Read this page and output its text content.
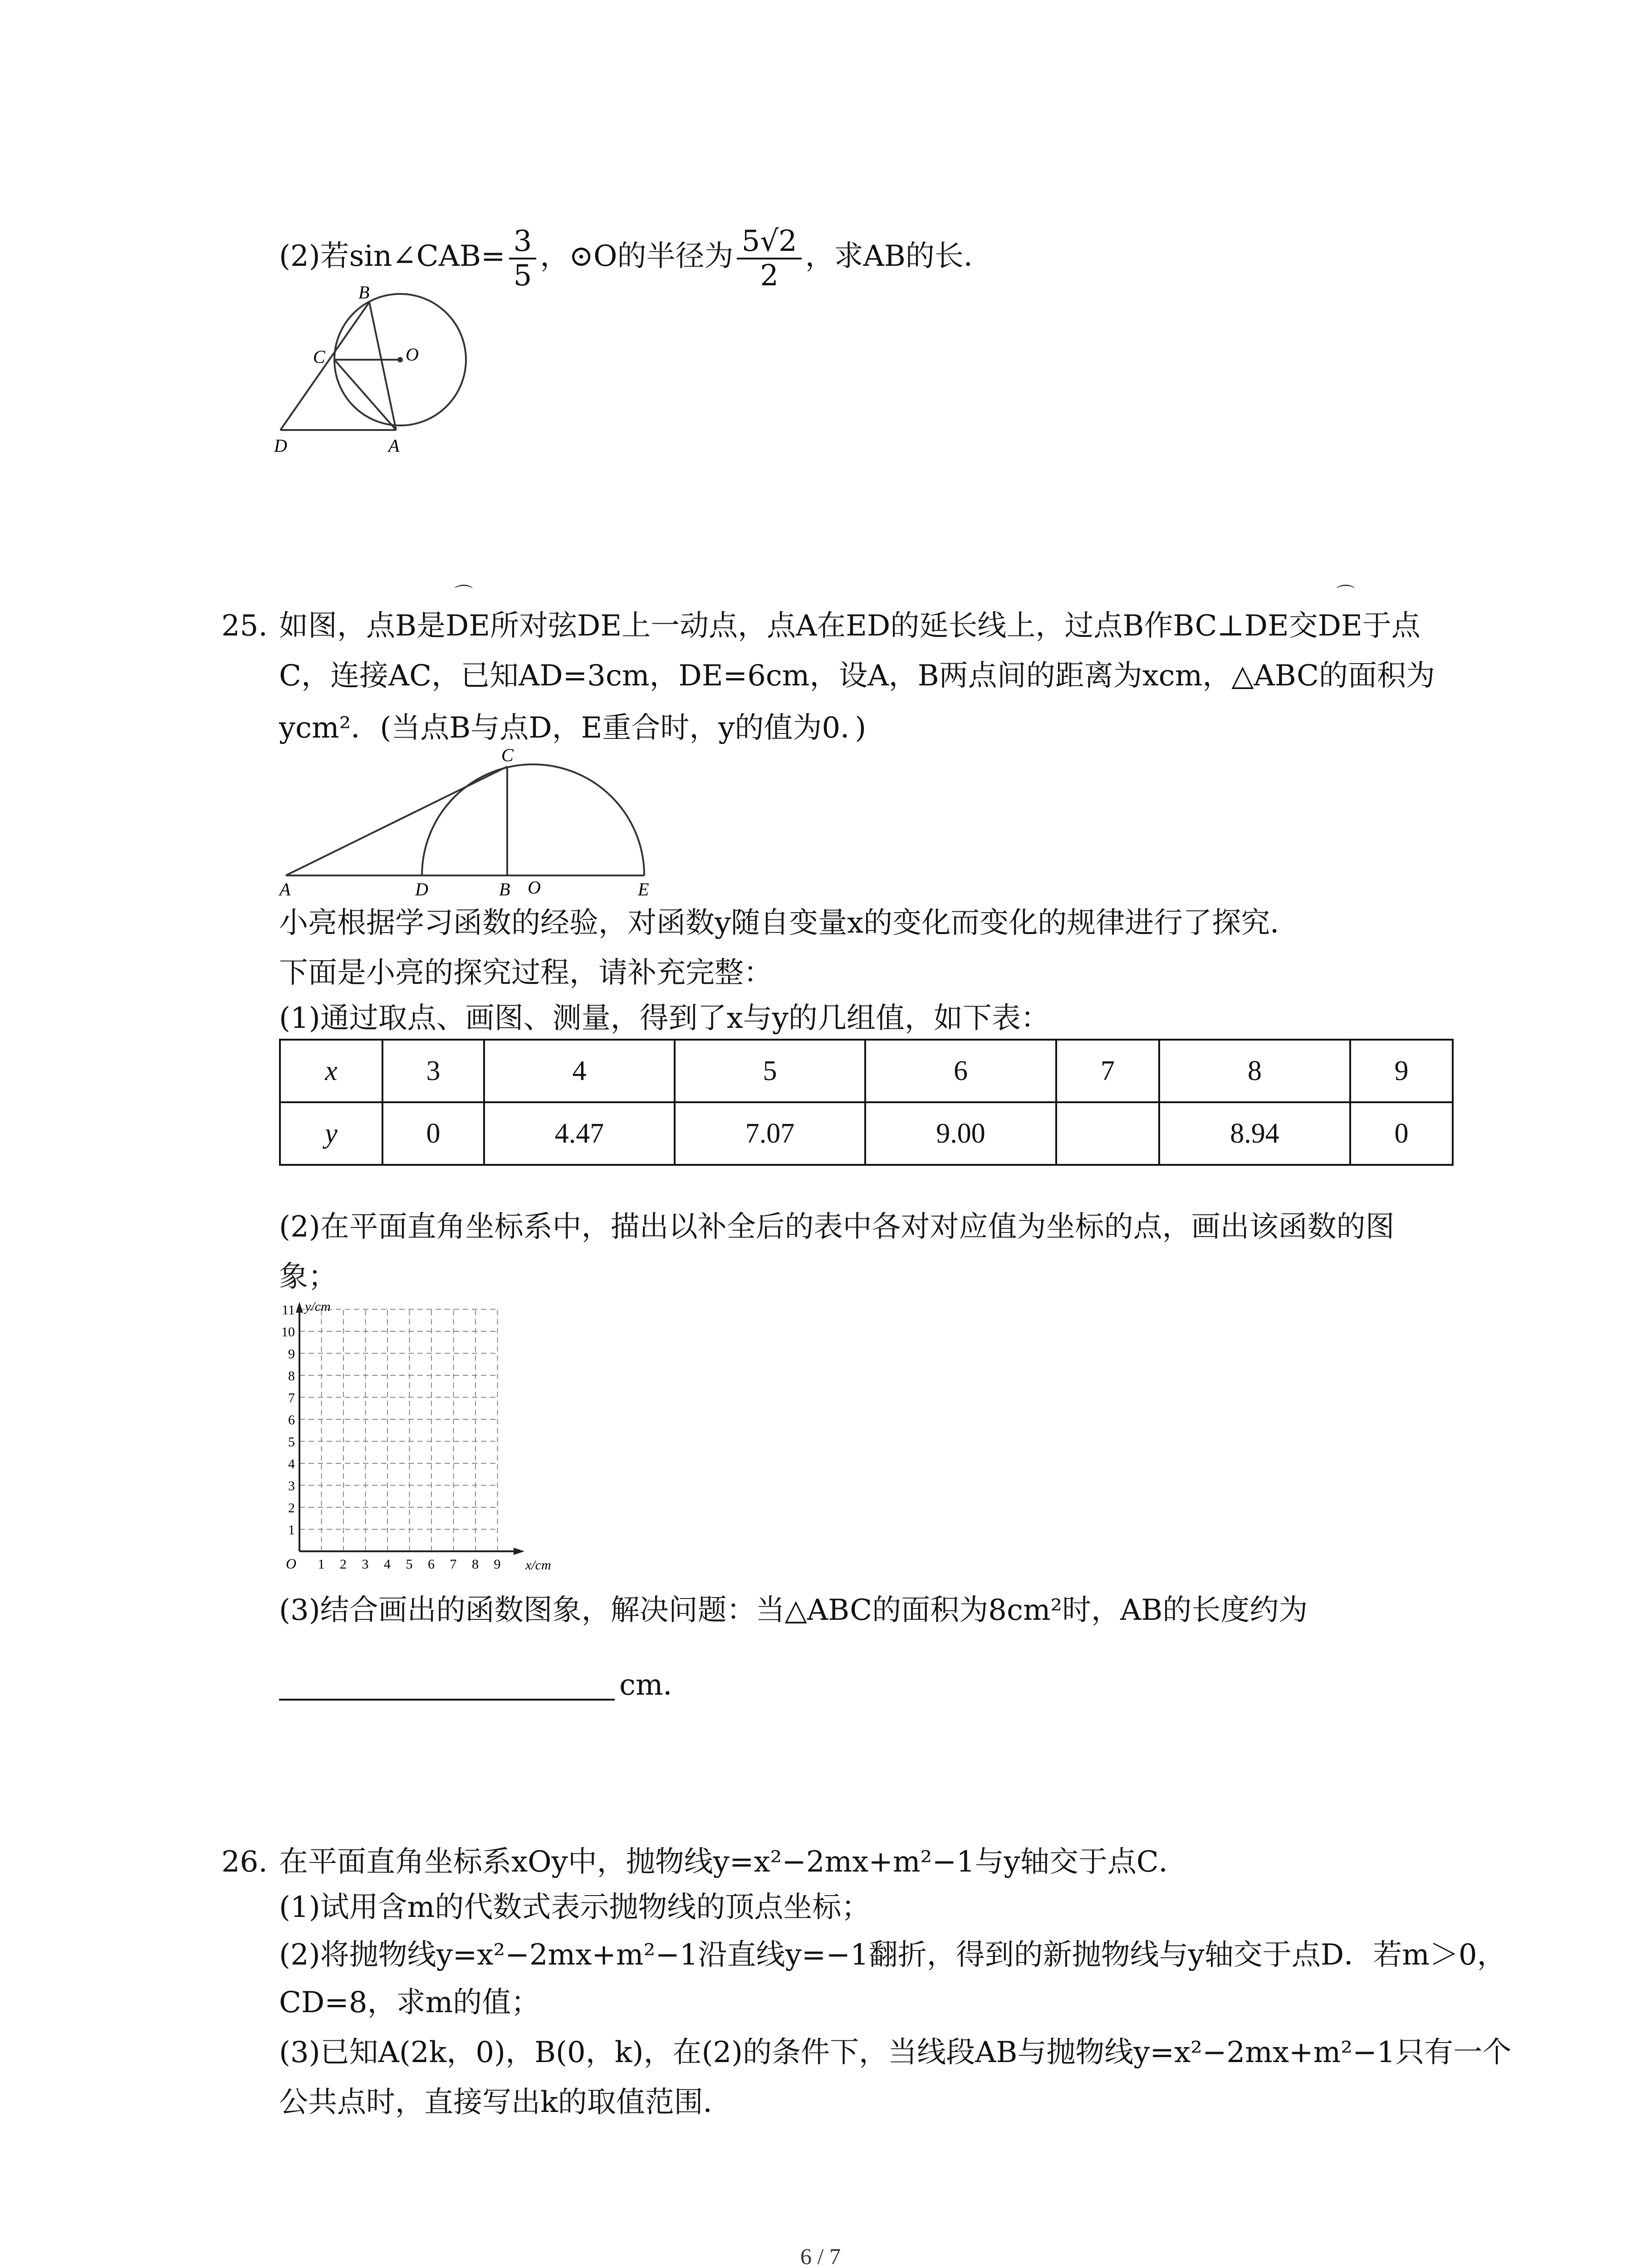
(2)若sin∠CAB= $\frac{3}{5}$ ，⊙O的半径为 $\frac{5√2}{2}$ ，求AB的长．
B
C	O
D	A
25.
⌒	⌒
如图，点B是DE所对弦DE上一动点，点A在ED的延长线上，过点B作BC⊥DE交DE于点
C，连接AC，已知AD=3cm，DE=6cm，设A，B两点间的距离为xcm，△ABC的面积为
ycm²．(当点B与点D，E重合时，y的值为0．)
C
A	D	B O	E
小亮根据学习函数的经验，对函数y随自变量x的变化而变化的规律进行了探究．
下面是小亮的探究过程，请补充完整：
(1)通过取点、画图、测量，得到了x与y的几组值，如下表：
x	3	4	5	6	7	8	9
y	0	4.47	7.07	9.00		8.94	0
(2)在平面直角坐标系中，描出以补全后的表中各对对应值为坐标的点，画出该函数的图
象；
y/cm
x/cm
O 1 2 3 4 5 6 7 8 9
1
2
3
4
5
6
7
8
9
10
11
(3)结合画出的函数图象，解决问题：当△ABC的面积为8cm²时，AB的长度约为
cm．
26. 在平面直角坐标系xOy中，抛物线y=x²−2mx+m²−1与y轴交于点C．
(1)试用含m的代数式表示抛物线的顶点坐标；
(2)将抛物线y=x²−2mx+m²−1沿直线y=−1翻折，得到的新抛物线与y轴交于点D．若m＞0，
CD=8，求m的值；
(3)已知A(2k，0)，B(0，k)，在(2)的条件下，当线段AB与抛物线y=x²−2mx+m²−1只有一个
公共点时，直接写出k的取值范围．
6 / 7
